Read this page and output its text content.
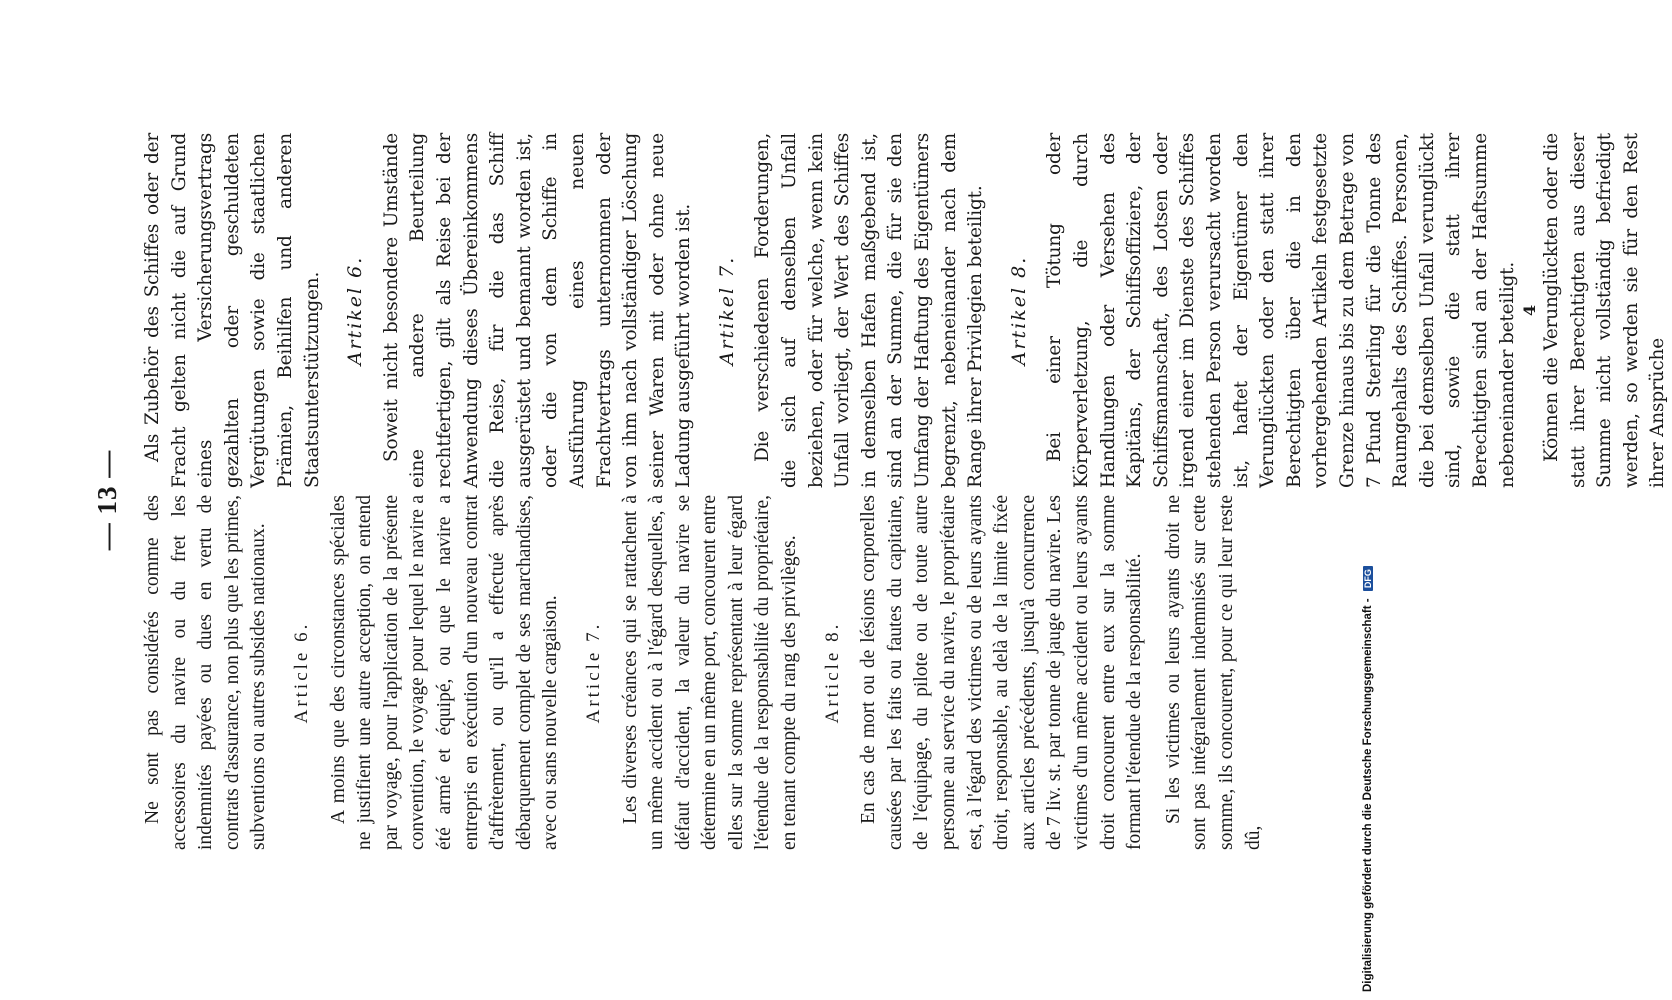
— 13 — Ne sont pas considérés comme des accessoires du navire ou du fret les indemnités payées ou dues en vertu de contrats d'assurance, non plus que les primes, subventions ou autres subsides nationaux. Article 6. A moins que des circonstances spéciales ne justifient une autre acception, on entend par voyage, pour l'application de la présente convention, le voyage pour lequel le navire a été armé et équipé, ou que le navire a entrepris en exécution d'un nouveau contrat d'affrètement, ou qu'il a effectué après débarquement complet de ses marchandises, avec ou sans nouvelle cargaison. Article 7. Les diverses créances qui se rattachent à un même accident ou à l'égard desquelles, à défaut d'accident, la valeur du navire se détermine en un même port, concourent entre elles sur la somme représentant à leur égard l'étendue de la responsabilité du propriétaire, en tenant compte du rang des privilèges. Article 8. En cas de mort ou de lésions corporelles causées par les faits ou fautes du capitaine, de l'équipage, du pilote ou de toute autre personne au service du navire, le propriétaire est, à l'égard des victimes ou de leurs ayants droit, responsable, au delà de la limite fixée aux articles précédents, jusqu'à concurrence de 7 liv. st. par tonne de jauge du navire. Les victimes d'un même accident ou leurs ayants droit concourent entre eux sur la somme formant l'étendue de la responsabilité. Si les victimes ou leurs ayants droit ne sont pas intégralement indemnisés sur cette somme, ils concourent, pour ce qui leur reste dû,

Als Zubehör des Schiffes oder der Fracht gelten nicht die auf Grund eines Versicherungsvertrags gezahlten oder geschuldeten Vergütungen sowie die staatlichen Prämien, Beihilfen und anderen Staatsunterstützungen. Artikel 6. Soweit nicht besondere Umstände eine andere Beurteilung rechtfertigen, gilt als Reise bei der Anwendung dieses Übereinkommens die Reise, für die das Schiff ausgerüstet und bemannt worden ist, oder die von dem Schiffe in Ausführung eines neuen Frachtvertrags unternommen oder von ihm nach vollständiger Löschung seiner Waren mit oder ohne neue Ladung ausgeführt worden ist. Artikel 7. Die verschiedenen Forderungen, die sich auf denselben Unfall beziehen, oder für welche, wenn kein Unfall vorliegt, der Wert des Schiffes in demselben Hafen maßgebend ist, sind an der Summe, die für sie den Umfang der Haftung des Eigentümers begrenzt, nebeneinander nach dem Range ihrer Privilegien beteiligt. Artikel 8. Bei einer Tötung oder Körperverletzung, die durch Handlungen oder Versehen des Kapitäns, der Schiffsoffiziere, der Schiffsmannschaft, des Lotsen oder irgend einer im Dienste des Schiffes stehenden Person verursacht worden ist, haftet der Eigentümer den Verunglückten oder den statt ihrer Berechtigten über die in den vorhergehenden Artikeln festgesetzte Grenze hinaus bis zu dem Betrage von 7 Pfund Sterling für die Tonne des Raumgehalts des Schiffes. Personen, die bei demselben Unfall verunglückt sind, sowie die statt ihrer Berechtigten sind an der Haftsumme nebeneinander beteiligt. 4 Können die Verunglückten oder die statt ihrer Berechtigten aus dieser Summe nicht vollständig befriedigt werden, so werden sie für den Rest ihrer Ansprüche

Digitalisierung gefördert durch die Deutsche Forschungsgemeinschaft - DFG
